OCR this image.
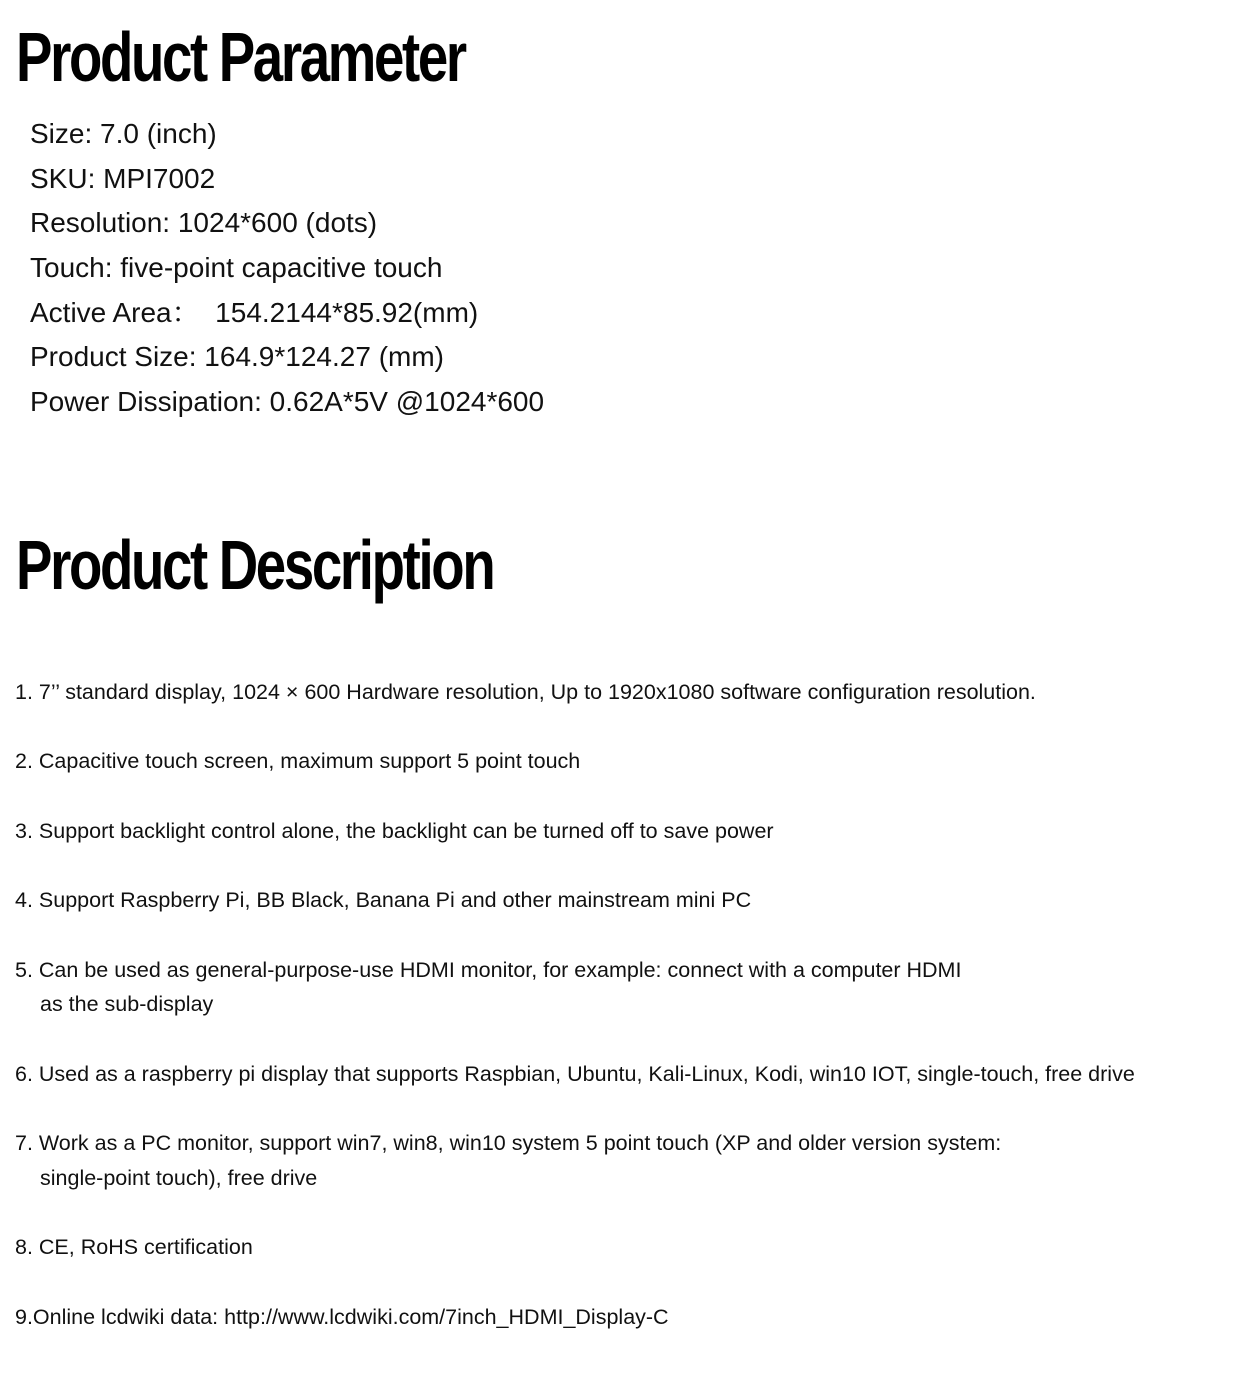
Product Parameter
Size: 7.0 (inch)
SKU: MPI7002
Resolution: 1024*600 (dots)
Touch: five-point capacitive touch
Active Area：  154.2144*85.92(mm)
Product Size: 164.9*124.27 (mm)
Power Dissipation: 0.62A*5V @1024*600
Product Description
1. 7’’ standard display, 1024 × 600 Hardware resolution, Up to 1920x1080 software configuration resolution.
2. Capacitive touch screen, maximum support 5 point touch
3. Support backlight control alone, the backlight can be turned off to save power
4. Support Raspberry Pi, BB Black, Banana Pi and other mainstream mini PC
5. Can be used as general-purpose-use HDMI monitor, for example: connect with a computer HDMI
as the sub-display
6. Used as a raspberry pi display that supports Raspbian, Ubuntu, Kali-Linux, Kodi, win10 IOT, single-touch, free drive
7. Work as a PC monitor, support win7, win8, win10 system 5 point touch (XP and older version system:
single-point touch), free drive
8. CE, RoHS certification
9.Online lcdwiki data: http://www.lcdwiki.com/7inch_HDMI_Display-C
